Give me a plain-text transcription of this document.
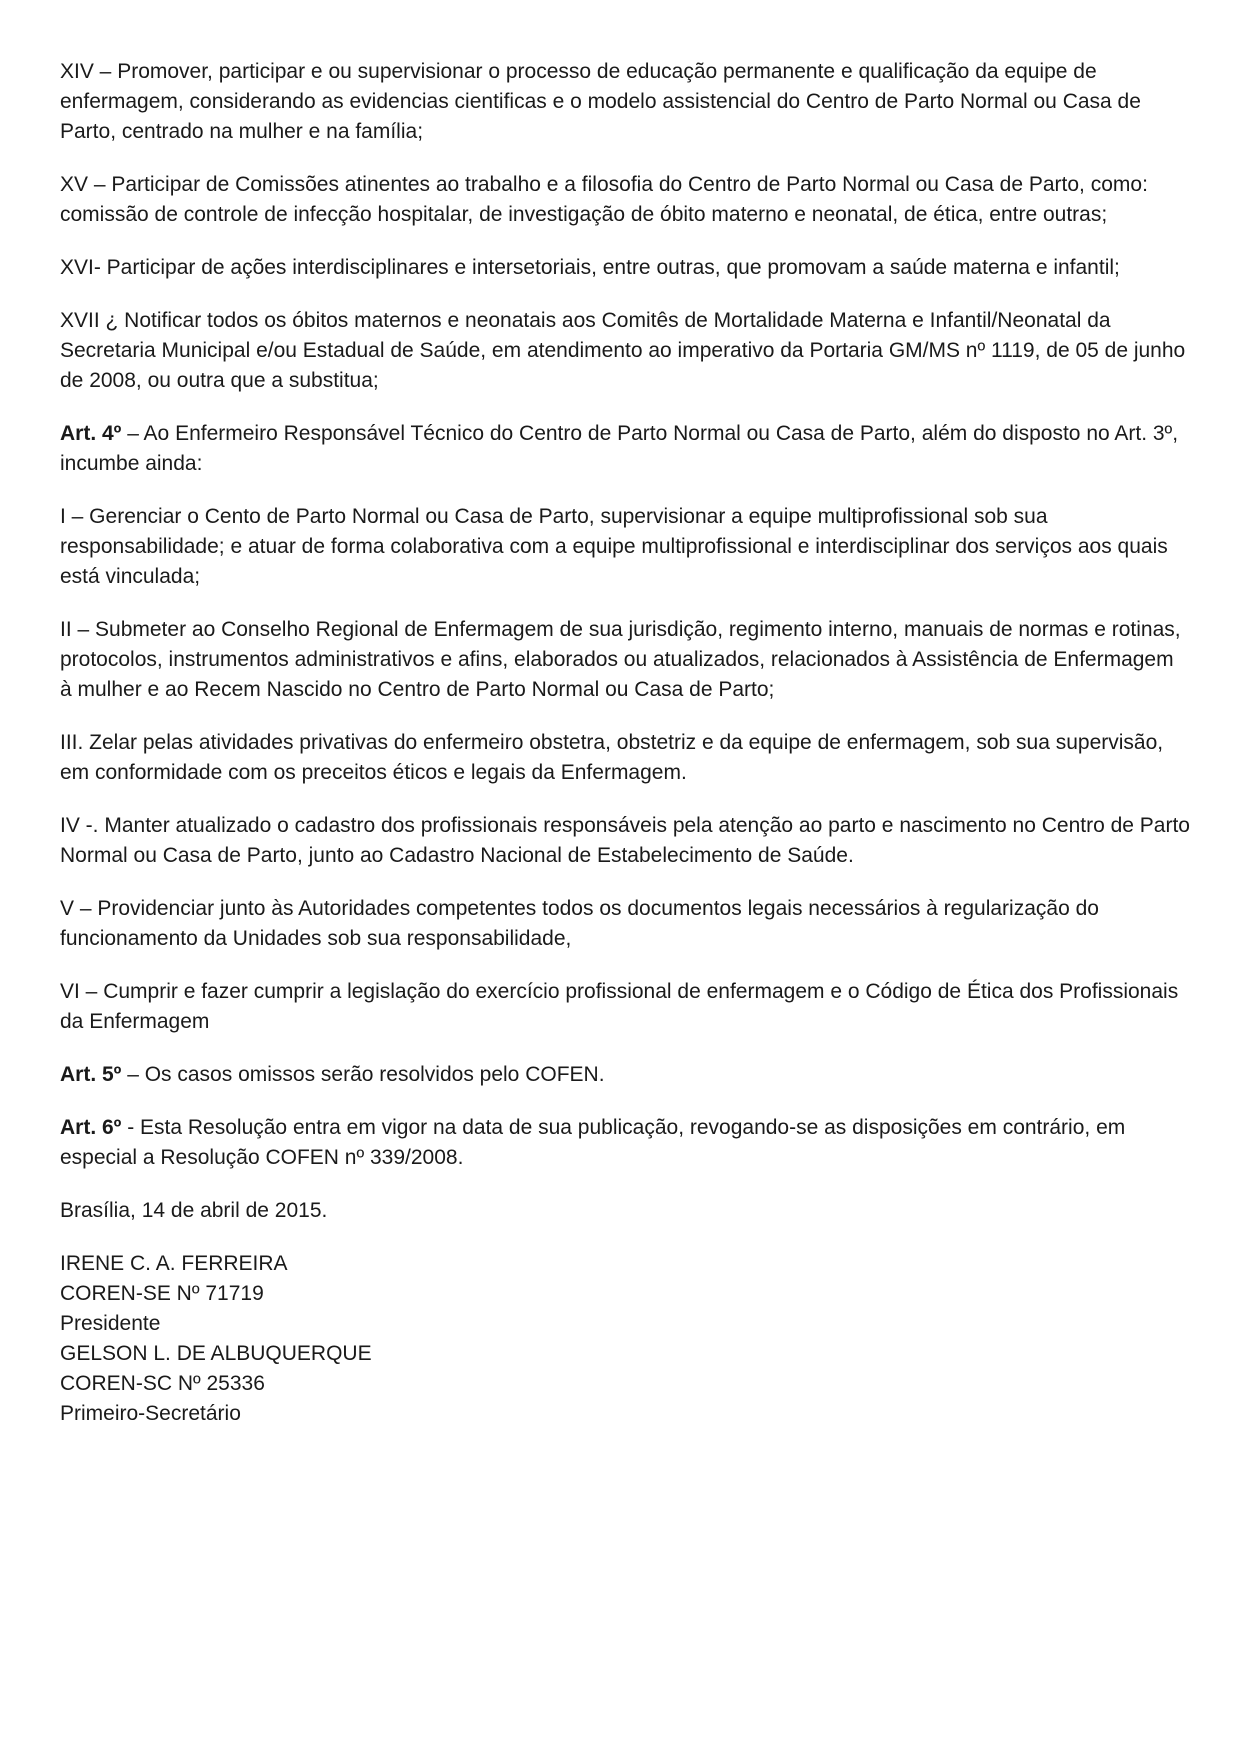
XIV – Promover, participar e ou supervisionar o processo de educação permanente e qualificação da equipe de enfermagem, considerando as evidencias cientificas e o modelo assistencial do Centro de Parto Normal ou Casa de Parto, centrado na mulher e na família;

XV – Participar de Comissões atinentes ao trabalho e a filosofia do Centro de Parto Normal ou Casa de Parto, como: comissão de controle de infecção hospitalar, de investigação de óbito materno e neonatal, de ética, entre outras;

XVI- Participar de ações interdisciplinares e intersetoriais, entre outras, que promovam a saúde materna e infantil;

XVII ¿ Notificar todos os óbitos maternos e neonatais aos Comitês de Mortalidade Materna e Infantil/Neonatal da Secretaria Municipal e/ou Estadual de Saúde, em atendimento ao imperativo da Portaria GM/MS nº 1119, de 05 de junho de 2008, ou outra que a substitua;

Art. 4º – Ao Enfermeiro Responsável Técnico do Centro de Parto Normal ou Casa de Parto, além do disposto no Art. 3º, incumbe ainda:

I – Gerenciar o Cento de Parto Normal ou Casa de Parto, supervisionar a equipe multiprofissional sob sua responsabilidade; e atuar de forma colaborativa com a equipe multiprofissional e interdisciplinar dos serviços aos quais está vinculada;

II – Submeter ao Conselho Regional de Enfermagem de sua jurisdição, regimento interno, manuais de normas e rotinas, protocolos, instrumentos administrativos e afins, elaborados ou atualizados, relacionados à Assistência de Enfermagem à mulher e ao Recem Nascido no Centro de Parto Normal ou Casa de Parto;

III. Zelar pelas atividades privativas do enfermeiro obstetra, obstetriz e da equipe de enfermagem, sob sua supervisão, em conformidade com os preceitos éticos e legais da Enfermagem.

IV -. Manter atualizado o cadastro dos profissionais responsáveis pela atenção ao parto e nascimento no Centro de Parto Normal ou Casa de Parto, junto ao Cadastro Nacional de Estabelecimento de Saúde.

V – Providenciar junto às Autoridades competentes todos os documentos legais necessários à regularização do funcionamento da Unidades sob sua responsabilidade,

VI – Cumprir e fazer cumprir a legislação do exercício profissional de enfermagem e o Código de Ética dos Profissionais da Enfermagem

Art. 5º – Os casos omissos serão resolvidos pelo COFEN.

Art. 6º - Esta Resolução entra em vigor na data de sua publicação, revogando-se as disposições em contrário, em especial a Resolução COFEN nº 339/2008.

Brasília, 14 de abril de 2015.

IRENE C. A. FERREIRA
COREN-SE Nº 71719
Presidente
GELSON L. DE ALBUQUERQUE
COREN-SC Nº 25336
Primeiro-Secretário
